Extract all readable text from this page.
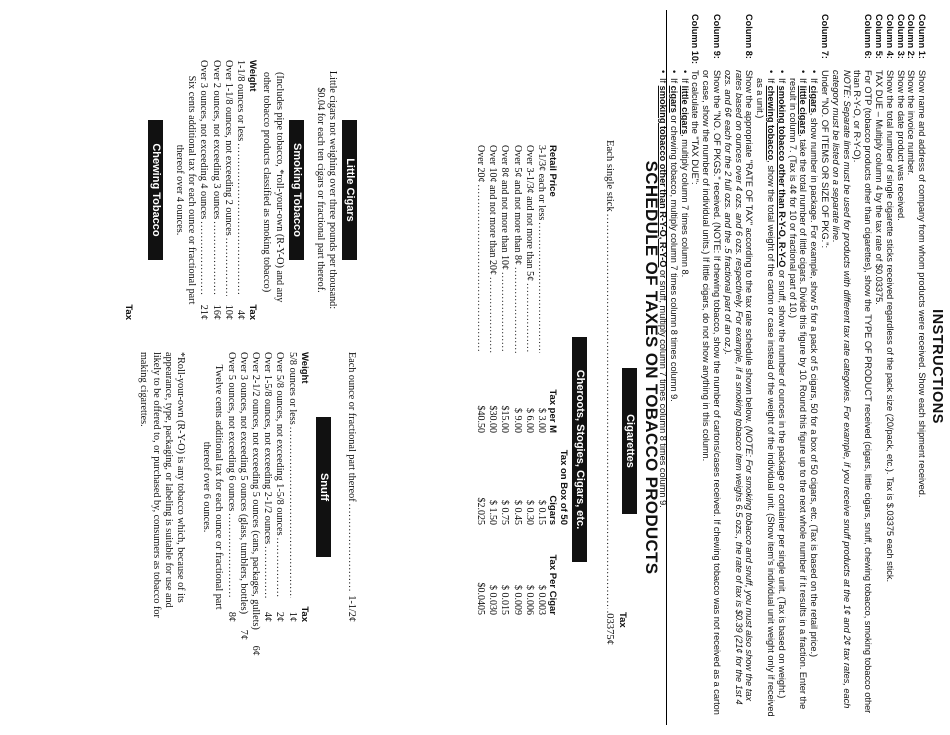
INSTRUCTIONS
Column 1:
Show name and address of company from whom products were received. Show each shipment received.
Column 2:
Show the invoice number.
Column 3:
Show the date product was received.
Column 4:
Show the total number of single cigarette sticks received regardless of the pack size (20/pack, etc.). Tax is $.03375 each stick.
Column 5:
TAX DUE – Multiply column 4 by the tax rate of $0.03375.
Column 6:
For OTP (tobacco products other than cigarettes), show the TYPE OF PRODUCT received (cigars, little cigars, snuff, chewing tobacco, smoking tobacco other than R-Y-O, or R-Y-O).
NOTE: Separate lines must be used for products with different tax rate categories. For example, if you receive snuff products at the 1¢ and 2¢ tax rates, each category must be listed on a separate line.
Column 7:
Under "NO. OF ITEMS OR SIZE OF PKG.":
•
If cigars, show number in package. For example, show 5 for a pack of 5 cigars, 50 for a box of 50 cigars, etc. (Tax is based on the retail price.)
•
If little cigars, take the total number of little cigars. Divide this figure by 10. Round this figure up to the next whole number if it results in a fraction. Enter the result in column 7. (Tax is 4¢ for 10 or fractional part of 10.)
•
If smoking tobacco other than R-Y-O, R-Y-O or snuff, show the number of ounces in the package or container per single unit. (Tax is based on weight.)
•
If chewing tobacco, show the total weight of the carton or case instead of the weight of the individual unit. (Show item's individual unit weight only if received as a unit.)
Column 8:
Show the appropriate "RATE OF TAX" according to the tax rate schedule shown below. (NOTE: For smoking tobacco and snuff, you must also show the tax rates based on ounces over 4 ozs. and 6 ozs. respectively. For example, if a smoking tobacco item weighs 6.5 ozs., the rate of tax is $0.39 (21¢ for the 1st 4 ozs. and 6¢ each for the 2 full ozs. and the .5 fractional part of an oz.).
Column 9:
Show the "NO. OF PKGS." received. (NOTE: If chewing tobacco, show the number of cartons/cases received. If chewing tobacco was not received as a carton or case, show the number of individual units.) If little cigars, do not show anything in this column.
Column 10:
To calculate the "TAX DUE":
•
If little cigars, multiply column 7 times column 8.
•
If cigars or chewing tobacco, multiply column 7 times column 8 times column 9.
•
If smoking tobacco other than R-Y-O, R-Y-O or snuff, multiply column 7 times column 8 times column 9.
SCHEDULE OF TAXES ON TOBACCO PRODUCTS
Cigarettes
Tax
Each single stick
.....
.03375¢
Cheroots, Stogies, Cigars, etc.
Retail Price
Tax per M
Tax on Box of 50 Cigars
Tax Per Cigar
3-1/3¢ each or less
.....
$ 3.00
$ 0.15
$ 0.003
Over 3-1/3¢ and not more than 5¢
.....
$ 6.00
$ 0.30
$ 0.006
Over 5¢ and not more than 8¢
.....
$ 9.00
$ 0.45
$ 0.009
Over 8¢ and not more than 10¢
.....
$15.00
$ 0.75
$ 0.015
Over 10¢ and not more than 20¢
.....
$30.00
$ 1.50
$ 0.030
Over 20¢
.....
$40.50
$2.025
$0.0405
Little Cigars
Little cigars not weighing over three pounds per thousand: $0.04 for each ten cigars or fractional part thereof.
Smoking Tobacco
(Includes pipe tobacco, *roll-your-own (R-Y-O) and any other tobacco products classified as smoking tobacco)
Weight
Tax
1-1/8 ounces or less
.....
4¢
Over 1-1/8 ounces, not exceeding 2 ounces
.....
10¢
Over 2 ounces, not exceeding 3 ounces
.....
16¢
Over 3 ounces, not exceeding 4 ounces
.....
21¢
Six cents additional tax for each ounce or fractional part thereof over 4 ounces.
Chewing Tobacco
Tax
Each ounce or fractional part thereof
.....
1-1/2¢
Snuff
Weight
Tax
5/8 ounces or less
.....
1¢
Over 5/8 ounces, not exceeding 1-5/8 ounces
.....
2¢
Over 1-5/8 ounces, not exceeding 2-1/2 ounces
.....
4¢
Over 2-1/2 ounces, not exceeding 5 ounces (cans, packages, gullets)
6¢
Over 3 ounces, not exceeding 5 ounces (glass, tumblers, bottles)
7¢
Over 5 ounces, not exceeding 6 ounces
.....
8¢
Twelve cents additional tax for each ounce or fractional part thereof over 6 ounces.
*Roll-your-own (R-Y-O) is any tobacco which, because of its appearance, type, packaging, or labeling is suitable for use and likely to be offered to, or purchased by, consumers as tobacco for making cigarettes.
